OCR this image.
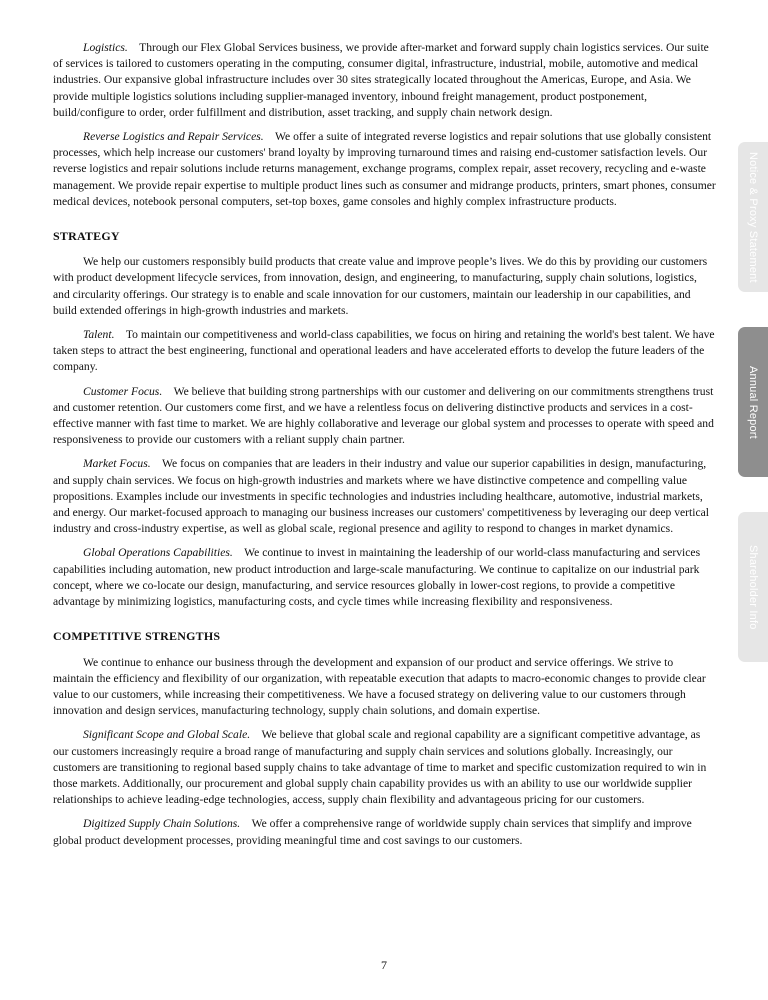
Logistics. Through our Flex Global Services business, we provide after-market and forward supply chain logistics services. Our suite of services is tailored to customers operating in the computing, consumer digital, infrastructure, industrial, mobile, automotive and medical industries. Our expansive global infrastructure includes over 30 sites strategically located throughout the Americas, Europe, and Asia. We provide multiple logistics solutions including supplier-managed inventory, inbound freight management, product postponement, build/configure to order, order fulfillment and distribution, asset tracking, and supply chain network design.

Reverse Logistics and Repair Services. We offer a suite of integrated reverse logistics and repair solutions that use globally consistent processes, which help increase our customers' brand loyalty by improving turnaround times and raising end-customer satisfaction levels. Our reverse logistics and repair solutions include returns management, exchange programs, complex repair, asset recovery, recycling and e-waste management. We provide repair expertise to multiple product lines such as consumer and midrange products, printers, smart phones, consumer medical devices, notebook personal computers, set-top boxes, game consoles and highly complex infrastructure products.

STRATEGY

We help our customers responsibly build products that create value and improve people’s lives. We do this by providing our customers with product development lifecycle services, from innovation, design, and engineering, to manufacturing, supply chain solutions, logistics, and circularity offerings. Our strategy is to enable and scale innovation for our customers, maintain our leadership in our capabilities, and build extended offerings in high-growth industries and markets.

Talent. To maintain our competitiveness and world-class capabilities, we focus on hiring and retaining the world's best talent. We have taken steps to attract the best engineering, functional and operational leaders and have accelerated efforts to develop the future leaders of the company.

Customer Focus. We believe that building strong partnerships with our customer and delivering on our commitments strengthens trust and customer retention. Our customers come first, and we have a relentless focus on delivering distinctive products and services in a cost-effective manner with fast time to market. We are highly collaborative and leverage our global system and processes to operate with speed and responsiveness to provide our customers with a reliant supply chain partner.

Market Focus. We focus on companies that are leaders in their industry and value our superior capabilities in design, manufacturing, and supply chain services. We focus on high-growth industries and markets where we have distinctive competence and compelling value propositions. Examples include our investments in specific technologies and industries including healthcare, automotive, industrial markets, and energy. Our market-focused approach to managing our business increases our customers' competitiveness by leveraging our deep vertical industry and cross-industry expertise, as well as global scale, regional presence and agility to respond to changes in market dynamics.

Global Operations Capabilities. We continue to invest in maintaining the leadership of our world-class manufacturing and services capabilities including automation, new product introduction and large-scale manufacturing. We continue to capitalize on our industrial park concept, where we co-locate our design, manufacturing, and service resources globally in lower-cost regions, to provide a competitive advantage by minimizing logistics, manufacturing costs, and cycle times while increasing flexibility and responsiveness.

COMPETITIVE STRENGTHS

We continue to enhance our business through the development and expansion of our product and service offerings. We strive to maintain the efficiency and flexibility of our organization, with repeatable execution that adapts to macro-economic changes to provide clear value to our customers, while increasing their competitiveness. We have a focused strategy on delivering value to our customers through innovation and design services, manufacturing technology, supply chain solutions, and domain expertise.

Significant Scope and Global Scale. We believe that global scale and regional capability are a significant competitive advantage, as our customers increasingly require a broad range of manufacturing and supply chain services and solutions globally. Increasingly, our customers are transitioning to regional based supply chains to take advantage of time to market and specific customization required to win in those markets. Additionally, our procurement and global supply chain capability provides us with an ability to use our worldwide supplier relationships to achieve leading-edge technologies, access, supply chain flexibility and advantageous pricing for our customers.

Digitized Supply Chain Solutions. We offer a comprehensive range of worldwide supply chain services that simplify and improve global product development processes, providing meaningful time and cost savings to our customers.

7
Notice & Proxy Statement
Annual Report
Shareholder Info
